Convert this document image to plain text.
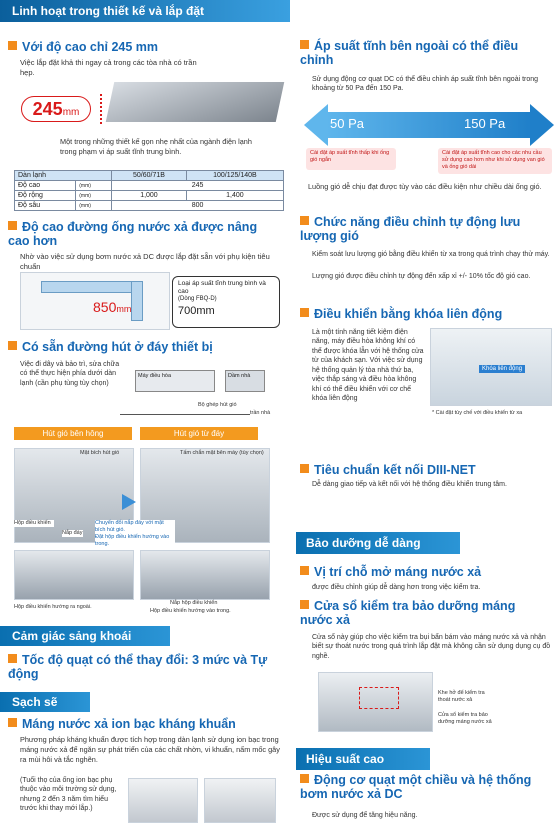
Linh hoạt trong thiết kế và lắp đặt
Với độ cao chỉ 245 mm
Việc lắp đặt khả thi ngay cả trong các tòa nhà có trần hẹp.
245mm
Một trong những thiết kế gọn nhẹ nhất của ngành điện lạnh trong phạm vi áp suất tĩnh trung bình.
Dàn lạnh		50/60/71B	100/125/140B
Độ cao	(mm)	245	
Độ rộng	(mm)	1,000	1,400
Độ sâu	(mm)	800	
Độ cao đường ống nước xả được nâng cao hơn
Nhờ vào việc sử dụng bơm nước xả DC được lắp đặt sẵn với phụ kiện tiêu chuẩn
850mm
Loại áp suất tĩnh trung bình và cao
(Dòng FBQ-D)
700mm
Có sẵn đường hút ở đáy thiết bị
Việc đi dây và bảo trì, sửa chữa có thể thực hiện phía dưới dàn lạnh (cần phụ tùng tùy chọn)
Máy điều hòa	Dầm nhà
Bộ ghép hút gió
trần nhà
Hút gió bên hông	Hút gió từ đáy
Mặt bích hút gió	Tấm chắn mặt bên máy (tùy chọn)
Hộp điều khiển
Nắp đáy
Chuyển đổi nắp đáy với mặt bích hút gió.
Đặt hộp điều khiển hướng vào trong.
Hộp điều khiển hướng ra ngoài.
Nắp hộp điều khiển
Hộp điều khiển hướng vào trong.
Cảm giác sảng khoái
Tốc độ quạt có thể thay đổi: 3 mức và Tự động
Sạch sẽ
Máng nước xả ion bạc kháng khuẩn
Phương pháp kháng khuẩn được tích hợp trong dàn lạnh sử dụng ion bạc trong máng nước xả để ngăn sự phát triển của các chất nhờn, vi khuẩn, nấm mốc gây ra mùi hôi và tắc nghẽn.
(Tuổi thọ của ống ion bạc phụ thuộc vào môi trường sử dụng, nhưng 2 đến 3 năm tìm hiểu trước khi thay mới lắp.)
Áp suất tĩnh bên ngoài có thể điều chỉnh
Sử dụng động cơ quạt DC có thể điều chỉnh áp suất tĩnh bên ngoài trong khoảng từ 50 Pa đến 150 Pa.
50 Pa	150 Pa
Cài đặt áp suất tĩnh thấp khi ống gió ngắn
Cài đặt áp suất tĩnh cao cho các nhu cầu sử dụng cao hơn như khi sử dụng van gió và ống gió dài
Luồng gió dễ chịu đạt được tùy vào các điều kiện như chiều dài ống gió.
Chức năng điều chỉnh tự động lưu lượng gió
Kiểm soát lưu lượng gió bằng điều khiển từ xa trong quá trình chạy thử máy.
Lượng gió được điều chỉnh tự động đến xấp xỉ +/- 10% tốc độ gió cao.
Điều khiển bằng khóa liên động
Là một tính năng tiết kiệm điện năng, máy điều hòa không khí có thể được khóa lẫn với hệ thống cửa từ của khách sạn. Với việc sử dụng hệ thống quản lý tòa nhà thứ ba, việc thắp sáng và điều hòa không khí có thể điều khiển với cơ chế khóa liên động
Khóa liên động
* Cài đặt tùy chế với điều khiển từ xa
Tiêu chuẩn kết nối DIII-NET
Dễ dàng giao tiếp và kết nối với hệ thống điều khiển trung tâm.
Bảo dưỡng dễ dàng
Vị trí chỗ mở máng nước xả
được điều chỉnh giúp dễ dàng hơn trong việc kiểm tra.
Cửa sổ kiểm tra bảo dưỡng máng nước xả
Cửa sổ này giúp cho việc kiểm tra bụi bẩn bám vào máng nước xả và nhận biết sự thoát nước trong quá trình lắp đặt mà không cần sử dụng dụng cụ đồ nghề.
Khe hở để kiểm tra thoát nước xả
Cửa sổ kiểm tra bảo dưỡng máng nước xả
Hiệu suất cao
Động cơ quạt một chiều và hệ thống bơm nước xả DC
Được sử dụng để tăng hiệu năng.
